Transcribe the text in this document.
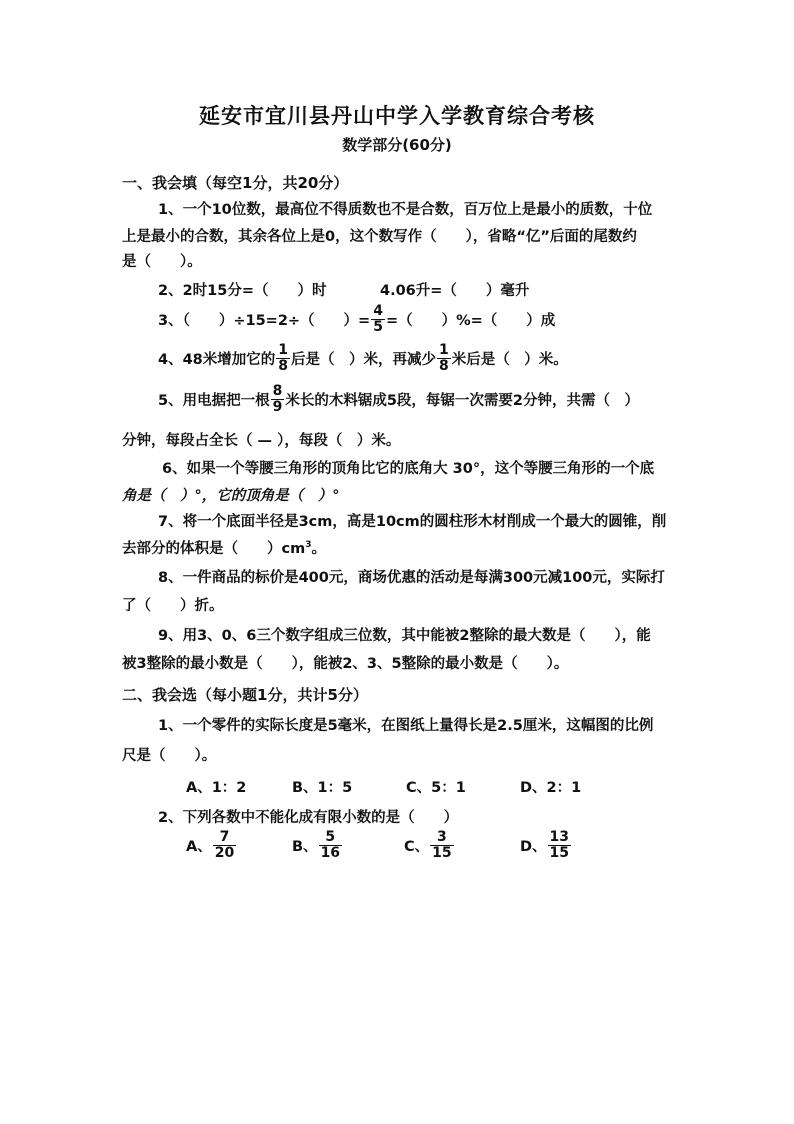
延安市宜川县丹山中学入学教育综合考核
数学部分(60分)
一、我会填（每空1分，共20分）
1、一个10位数，最高位不得质数也不是合数，百万位上是最小的质数，十位
上是最小的合数，其余各位上是0，这个数写作（　　），省略“亿”后面的尾数约
是（　　）。
2、2时15分=（　　）时	4.06升=（　　）毫升
3、（　　）÷15=2÷（　　）= $\frac{4}{5}$ =（　　）%=（　　）成
4、48米增加它的 $\frac{1}{8}$ 后是（　）米，再减少 $\frac{1}{8}$ 米后是（　）米。
5、用电据把一根 $\frac{8}{9}$ 米长的木料锯成5段，每锯一次需要2分钟，共需（　）
分钟，每段占全长（ — ），每段（　）米。
6、如果一个等腰三角形的顶角比它的底角大 30°，这个等腰三角形的一个底
角是（　）°，它的顶角是（　）°
7、将一个底面半径是3cm，高是10cm的圆柱形木材削成一个最大的圆锥，削
去部分的体积是（　　）$cm^3$。
8、一件商品的标价是400元，商场优惠的活动是每满300元减100元，实际打
了（　　）折。
9、用3、0、6三个数字组成三位数，其中能被2整除的最大数是（　　），能
被3整除的最小数是（　　），能被2、3、5整除的最小数是（　　）。
二、我会选（每小题1分，共计5分）
1、一个零件的实际长度是5毫米，在图纸上量得长是2.5厘米，这幅图的比例
尺是（　　）。
A、1：2	B、1：5	C、5：1	D、2：1
2、下列各数中不能化成有限小数的是（　　）
A、 $\frac{7}{20}$	B、 $\frac{5}{16}$	C、 $\frac{3}{15}$	D、 $\frac{13}{15}$
